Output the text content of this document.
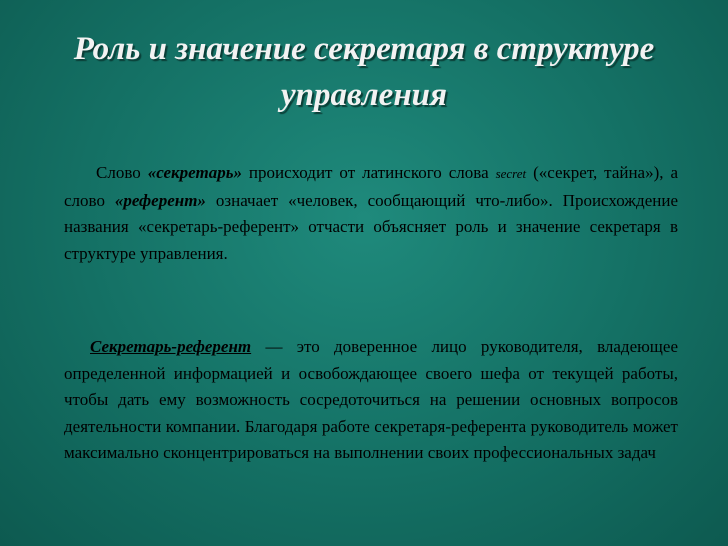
Роль и значение секретаря в структуре управления

Слово «секретарь» происходит от латинского слова secret («секрет, тайна»), а слово «референт» означает «человек, сообщающий что-либо». Происхождение названия «секретарь-референт» отчасти объясняет роль и значение секретаря в структуре управления.

Секретарь-референт — это доверенное лицо руководителя, владеющее определенной информацией и освобождающее своего шефа от текущей работы, чтобы дать ему возможность сосредоточиться на решении основных вопросов деятельности компании. Благодаря работе секретаря-референта руководитель может максимально сконцентрироваться на выполнении своих профессиональных задач
